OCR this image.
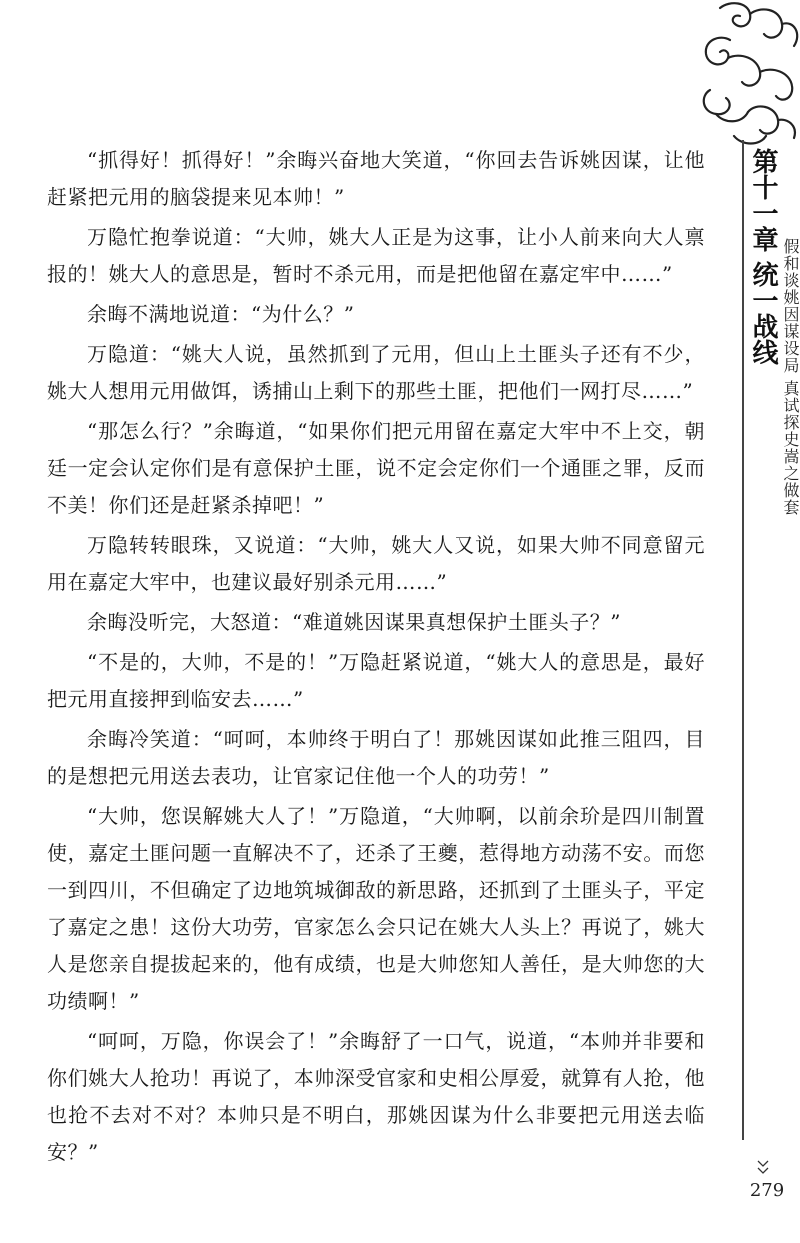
第十一章 统一战线 假和谈姚因谋设局 真试探史嵩之做套

“抓得好！抓得好！”余晦兴奋地大笑道，“你回去告诉姚因谋，让他赶紧把元用的脑袋提来见本帅！”

万隐忙抱拳说道：“大帅，姚大人正是为这事，让小人前来向大人禀报的！姚大人的意思是，暂时不杀元用，而是把他留在嘉定牢中……”

余晦不满地说道：“为什么？”

万隐道：“姚大人说，虽然抓到了元用，但山上土匪头子还有不少，姚大人想用元用做饵，诱捕山上剩下的那些土匪，把他们一网打尽……”

“那怎么行？”余晦道，“如果你们把元用留在嘉定大牢中不上交，朝廷一定会认定你们是有意保护土匪，说不定会定你们一个通匪之罪，反而不美！你们还是赶紧杀掉吧！”

万隐转转眼珠，又说道：“大帅，姚大人又说，如果大帅不同意留元用在嘉定大牢中，也建议最好别杀元用……”

余晦没听完，大怒道：“难道姚因谋果真想保护土匪头子？”

“不是的，大帅，不是的！”万隐赶紧说道，“姚大人的意思是，最好把元用直接押到临安去……”

余晦冷笑道：“呵呵，本帅终于明白了！那姚因谋如此推三阻四，目的是想把元用送去表功，让官家记住他一个人的功劳！”

“大帅，您误解姚大人了！”万隐道，“大帅啊，以前余玠是四川制置使，嘉定土匪问题一直解决不了，还杀了王夔，惹得地方动荡不安。而您一到四川，不但确定了边地筑城御敌的新思路，还抓到了土匪头子，平定了嘉定之患！这份大功劳，官家怎么会只记在姚大人头上？再说了，姚大人是您亲自提拔起来的，他有成绩，也是大帅您知人善任，是大帅您的大功绩啊！”

“呵呵，万隐，你误会了！”余晦舒了一口气，说道，“本帅并非要和你们姚大人抢功！再说了，本帅深受官家和史相公厚爱，就算有人抢，他也抢不去对不对？本帅只是不明白，那姚因谋为什么非要把元用送去临安？”

279
